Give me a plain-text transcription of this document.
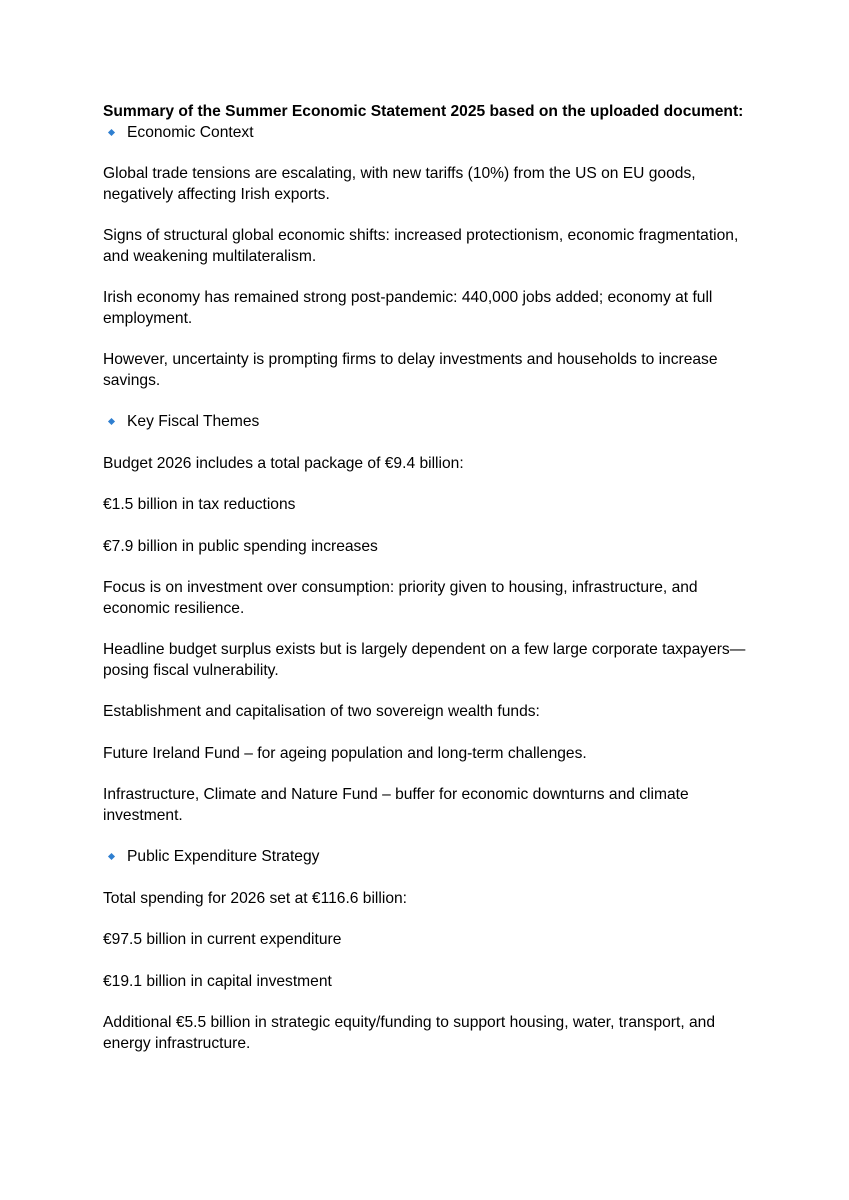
Summary of the Summer Economic Statement 2025 based on the uploaded document:

Economic Context

Global trade tensions are escalating, with new tariffs (10%) from the US on EU goods, negatively affecting Irish exports.

Signs of structural global economic shifts: increased protectionism, economic fragmentation, and weakening multilateralism.

Irish economy has remained strong post-pandemic: 440,000 jobs added; economy at full employment.

However, uncertainty is prompting firms to delay investments and households to increase savings.

Key Fiscal Themes

Budget 2026 includes a total package of €9.4 billion:

€1.5 billion in tax reductions

€7.9 billion in public spending increases

Focus is on investment over consumption: priority given to housing, infrastructure, and economic resilience.

Headline budget surplus exists but is largely dependent on a few large corporate taxpayers—posing fiscal vulnerability.

Establishment and capitalisation of two sovereign wealth funds:

Future Ireland Fund – for ageing population and long-term challenges.

Infrastructure, Climate and Nature Fund – buffer for economic downturns and climate investment.

Public Expenditure Strategy

Total spending for 2026 set at €116.6 billion:

€97.5 billion in current expenditure

€19.1 billion in capital investment

Additional €5.5 billion in strategic equity/funding to support housing, water, transport, and energy infrastructure.
